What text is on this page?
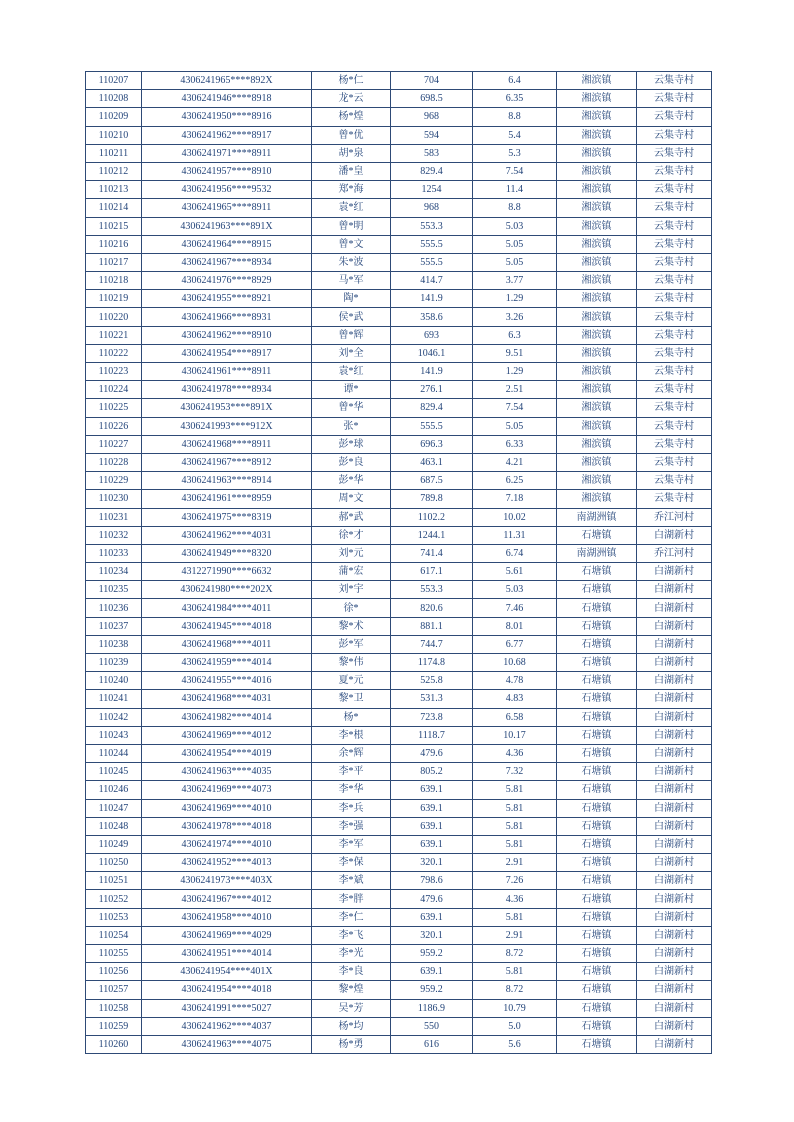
110207	4306241965****892X	杨*仁	704	6.4	湘滨镇	云集寺村
110208	4306241946****8918	龙*云	698.5	6.35	湘滨镇	云集寺村
110209	4306241950****8916	杨*煌	968	8.8	湘滨镇	云集寺村
110210	4306241962****8917	曾*优	594	5.4	湘滨镇	云集寺村
110211	4306241971****8911	胡*泉	583	5.3	湘滨镇	云集寺村
110212	4306241957****8910	潘*皇	829.4	7.54	湘滨镇	云集寺村
110213	4306241956****9532	郑*海	1254	11.4	湘滨镇	云集寺村
110214	4306241965****8911	袁*红	968	8.8	湘滨镇	云集寺村
110215	4306241963****891X	曾*明	553.3	5.03	湘滨镇	云集寺村
110216	4306241964****8915	曾*文	555.5	5.05	湘滨镇	云集寺村
110217	4306241967****8934	朱*波	555.5	5.05	湘滨镇	云集寺村
110218	4306241976****8929	马*军	414.7	3.77	湘滨镇	云集寺村
110219	4306241955****8921	陶*	141.9	1.29	湘滨镇	云集寺村
110220	4306241966****8931	侯*武	358.6	3.26	湘滨镇	云集寺村
110221	4306241962****8910	曾*辉	693	6.3	湘滨镇	云集寺村
110222	4306241954****8917	刘*全	1046.1	9.51	湘滨镇	云集寺村
110223	4306241961****8911	袁*红	141.9	1.29	湘滨镇	云集寺村
110224	4306241978****8934	谭*	276.1	2.51	湘滨镇	云集寺村
110225	4306241953****891X	曾*华	829.4	7.54	湘滨镇	云集寺村
110226	4306241993****912X	张*	555.5	5.05	湘滨镇	云集寺村
110227	4306241968****8911	彭*球	696.3	6.33	湘滨镇	云集寺村
110228	4306241967****8912	彭*良	463.1	4.21	湘滨镇	云集寺村
110229	4306241963****8914	彭*华	687.5	6.25	湘滨镇	云集寺村
110230	4306241961****8959	周*文	789.8	7.18	湘滨镇	云集寺村
110231	4306241975****8319	郝*武	1102.2	10.02	南湖洲镇	乔江河村
110232	4306241962****4031	徐*才	1244.1	11.31	石塘镇	白湖新村
110233	4306241949****8320	刘*元	741.4	6.74	南湖洲镇	乔江河村
110234	4312271990****6632	蒲*宏	617.1	5.61	石塘镇	白湖新村
110235	4306241980****202X	刘*宇	553.3	5.03	石塘镇	白湖新村
110236	4306241984****4011	徐*	820.6	7.46	石塘镇	白湖新村
110237	4306241945****4018	黎*术	881.1	8.01	石塘镇	白湖新村
110238	4306241968****4011	彭*军	744.7	6.77	石塘镇	白湖新村
110239	4306241959****4014	黎*伟	1174.8	10.68	石塘镇	白湖新村
110240	4306241955****4016	夏*元	525.8	4.78	石塘镇	白湖新村
110241	4306241968****4031	黎*卫	531.3	4.83	石塘镇	白湖新村
110242	4306241982****4014	杨*	723.8	6.58	石塘镇	白湖新村
110243	4306241969****4012	李*根	1118.7	10.17	石塘镇	白湖新村
110244	4306241954****4019	余*辉	479.6	4.36	石塘镇	白湖新村
110245	4306241963****4035	李*平	805.2	7.32	石塘镇	白湖新村
110246	4306241969****4073	李*华	639.1	5.81	石塘镇	白湖新村
110247	4306241969****4010	李*兵	639.1	5.81	石塘镇	白湖新村
110248	4306241978****4018	李*强	639.1	5.81	石塘镇	白湖新村
110249	4306241974****4010	李*军	639.1	5.81	石塘镇	白湖新村
110250	4306241952****4013	李*保	320.1	2.91	石塘镇	白湖新村
110251	4306241973****403X	李*斌	798.6	7.26	石塘镇	白湖新村
110252	4306241967****4012	李*胖	479.6	4.36	石塘镇	白湖新村
110253	4306241958****4010	李*仁	639.1	5.81	石塘镇	白湖新村
110254	4306241969****4029	李*飞	320.1	2.91	石塘镇	白湖新村
110255	4306241951****4014	李*光	959.2	8.72	石塘镇	白湖新村
110256	4306241954****401X	李*良	639.1	5.81	石塘镇	白湖新村
110257	4306241954****4018	黎*煌	959.2	8.72	石塘镇	白湖新村
110258	4306241991****5027	吴*芳	1186.9	10.79	石塘镇	白湖新村
110259	4306241962****4037	杨*均	550	5.0	石塘镇	白湖新村
110260	4306241963****4075	杨*勇	616	5.6	石塘镇	白湖新村
